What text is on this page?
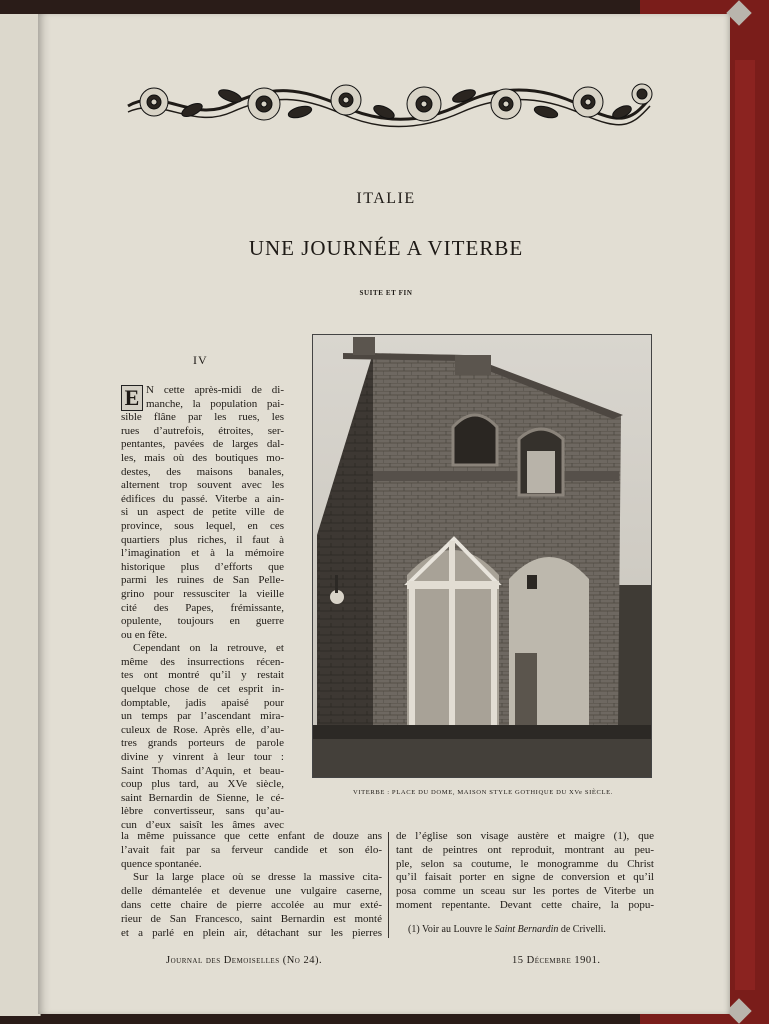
ITALIE
UNE JOURNÉE A VITERBE
SUITE ET FIN
IV
E N cette après-midi de di-
manche, la population pai-
sible flâne par les rues, les
rues d’autrefois, étroites, ser-
pentantes, pavées de larges dal-
les, mais où des boutiques mo-
destes, des maisons banales,
alternent trop souvent avec les
édifices du passé. Viterbe a ain-
si un aspect de petite ville de
province, sous lequel, en ces
quartiers plus riches, il faut à
l’imagination et à la mémoire
historique plus d’efforts que
parmi les ruines de San Pelle-
grino pour ressusciter la vieille
cité des Papes, frémissante,
opulente, toujours en guerre
ou en fête.
Cependant on la retrouve, et
même des insurrections récen-
tes ont montré qu’il y restait
quelque chose de cet esprit in-
domptable, jadis apaisé pour
un temps par l’ascendant mira-
culeux de Rose. Après elle, d’au-
tres grands porteurs de parole
divine y vinrent à leur tour :
Saint Thomas d’Aquin, et beau-
coup plus tard, au XVe siècle,
saint Bernardin de Sienne, le cé-
lèbre convertisseur, sans qu’au-
cun d’eux saisît les âmes avec
VITERBE : PLACE DU DOME, MAISON STYLE GOTHIQUE DU XVe SIÈCLE.
la même puissance que cette enfant de douze ans
l’avait fait par sa ferveur candide et son élo-
quence spontanée.
Sur la large place où se dresse la massive cita-
delle démantelée et devenue une vulgaire caserne,
dans cette chaire de pierre accolée au mur exté-
rieur de San Francesco, saint Bernardin est monté
et a parlé en plein air, détachant sur les pierres
de l’église son visage austère et maigre (1), que
tant de peintres ont reproduit, montrant au peu-
ple, selon sa coutume, le monogramme du Christ
qu’il faisait porter en signe de conversion et qu’il
posa comme un sceau sur les portes de Viterbe un
moment repentante. Devant cette chaire, la popu-
(1) Voir au Louvre le Saint Bernardin de Crivelli.
Journal des Demoiselles (No 24).	15 Décembre 1901.
